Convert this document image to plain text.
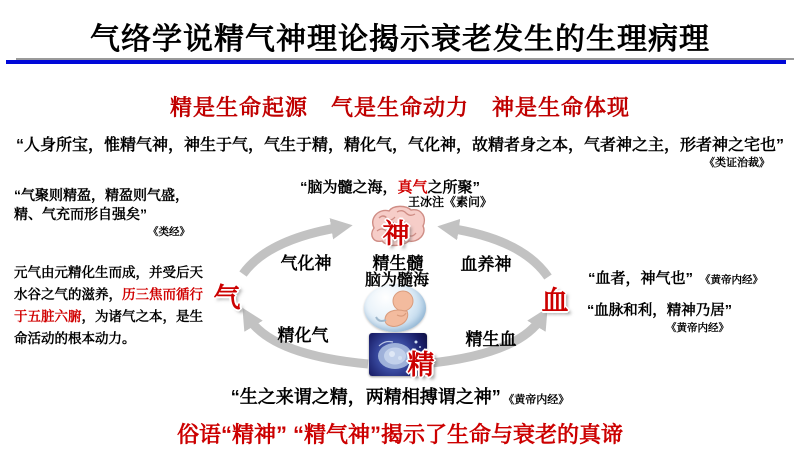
气络学说精气神理论揭示衰老发生的生理病理
精是生命起源　气是生命动力　神是生命体现
“人身所宝，惟精气神，神生于气，气生于精，精化气，气化神，故精者身之本，气者神之主，形者神之宅也”
《类证治裁》
“脑为髓之海，真气之所聚”
王冰注《素问》
“气聚则精盈，精盈则气盛，精、气充而形自强矣”
《类经》
元气由元精化生而成，并受后天水谷之气的滋养，历三焦而循行于五脏六腑，为诸气之本，是生命活动的根本动力。
“血者，神气也” 《黄帝内经》
“血脉和利，精神乃居”
《黄帝内经》
神
气	血
精
精生髓
脑为髓海
气化神	血养神
精化气	精生血
“生之来谓之精，两精相搏谓之神” 《黄帝内经》
俗语“精神” “精气神”揭示了生命与衰老的真谛
